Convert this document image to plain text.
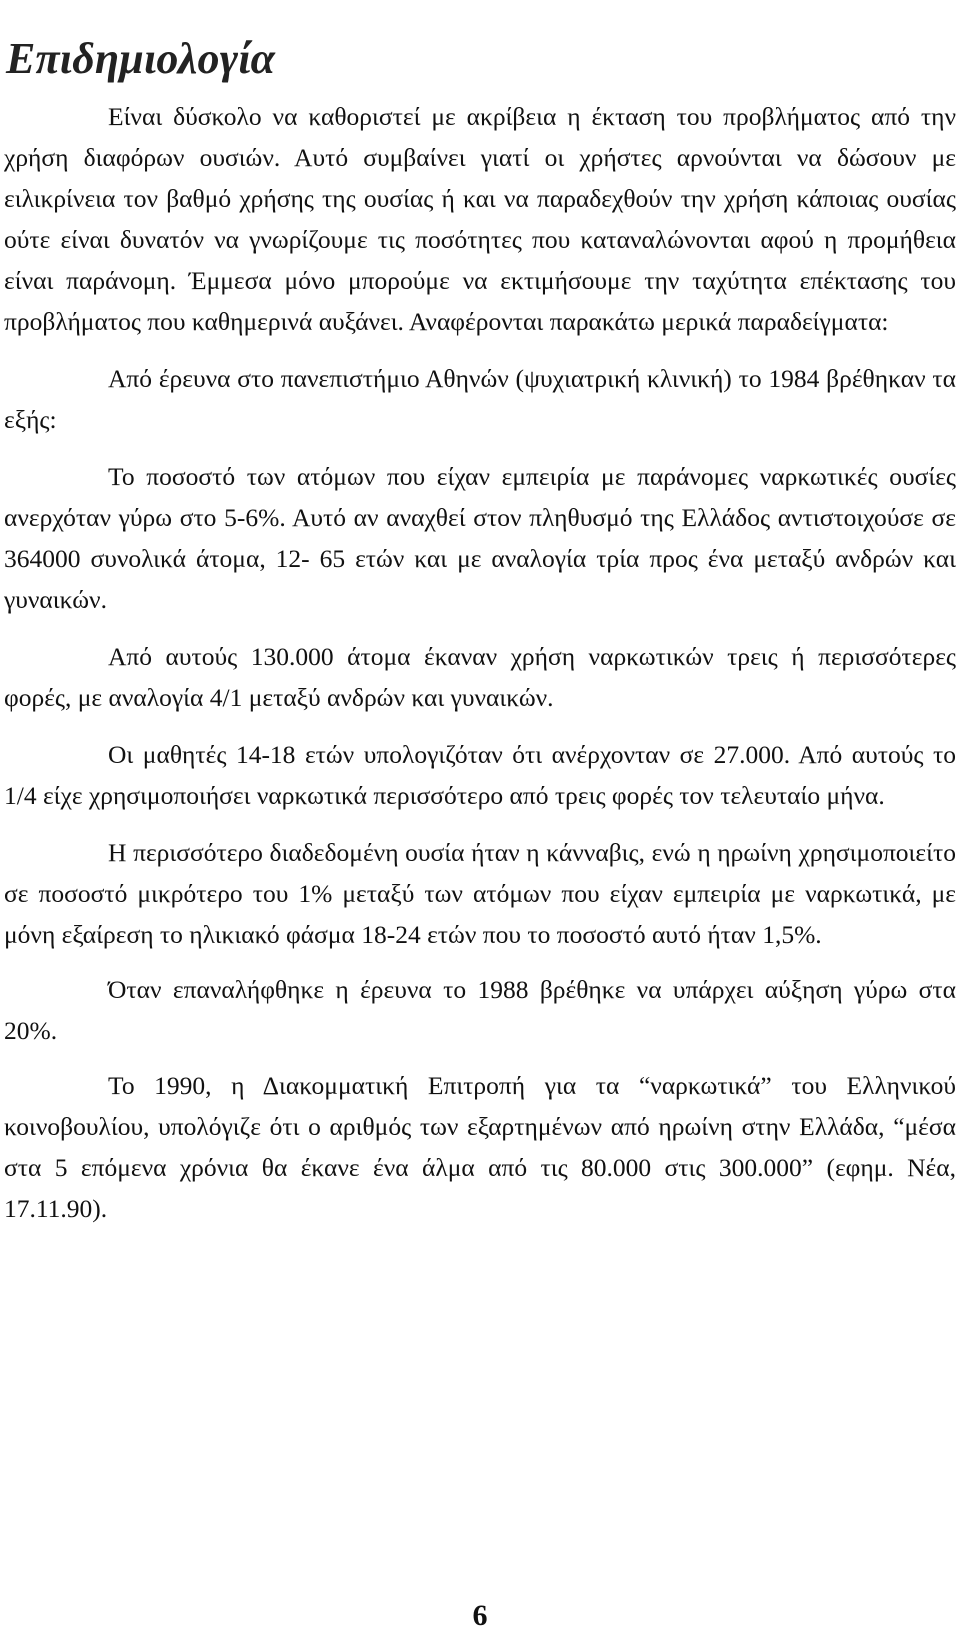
Επιδημιολογία

Είναι δύσκολο να καθοριστεί με ακρίβεια η έκταση του προβλήματος από την χρήση διαφόρων ουσιών. Αυτό συμβαίνει γιατί οι χρήστες αρνούνται να δώσουν με ειλικρίνεια τον βαθμό χρήσης της ουσίας ή και να παραδεχθούν την χρήση κάποιας ουσίας ούτε είναι δυνατόν να γνωρίζουμε τις ποσότητες που καταναλώνονται αφού η προμήθεια είναι παράνομη. Έμμεσα μόνο μπορούμε να εκτιμήσουμε την ταχύτητα επέκτασης του προβλήματος που καθημερινά αυξάνει. Αναφέρονται παρακάτω μερικά παραδείγματα:

Από έρευνα στο πανεπιστήμιο Αθηνών (ψυχιατρική κλινική) το 1984 βρέθηκαν τα εξής:

Το ποσοστό των ατόμων που είχαν εμπειρία με παράνομες ναρκωτικές ουσίες ανερχόταν γύρω στο 5-6%. Αυτό αν αναχθεί στον πληθυσμό της Ελλάδος αντιστοιχούσε σε 364000 συνολικά άτομα, 12- 65 ετών και με αναλογία τρία προς ένα μεταξύ ανδρών και γυναικών.

Από αυτούς 130.000 άτομα έκαναν χρήση ναρκωτικών τρεις ή περισσότερες φορές, με αναλογία 4/1 μεταξύ ανδρών και γυναικών.

Οι μαθητές 14-18 ετών υπολογιζόταν ότι ανέρχονταν σε 27.000. Από αυτούς το 1/4 είχε χρησιμοποιήσει ναρκωτικά περισσότερο από τρεις φορές τον τελευταίο μήνα.

Η περισσότερο διαδεδομένη ουσία ήταν η κάνναβις, ενώ η ηρωίνη χρησιμοποιείτο σε ποσοστό μικρότερο του 1% μεταξύ των ατόμων που είχαν εμπειρία με ναρκωτικά, με μόνη εξαίρεση το ηλικιακό φάσμα 18-24 ετών που το ποσοστό αυτό ήταν 1,5%.

Όταν επαναλήφθηκε η έρευνα το 1988 βρέθηκε να υπάρχει αύξηση γύρω στα 20%.

Το 1990, η Διακομματική Επιτροπή για τα “ναρκωτικά” του Ελληνικού κοινοβουλίου, υπολόγιζε ότι ο αριθμός των εξαρτημένων από ηρωίνη στην Ελλάδα, “μέσα στα 5 επόμενα χρόνια θα έκανε ένα άλμα από τις 80.000 στις 300.000” (εφημ. Νέα, 17.11.90).

6
